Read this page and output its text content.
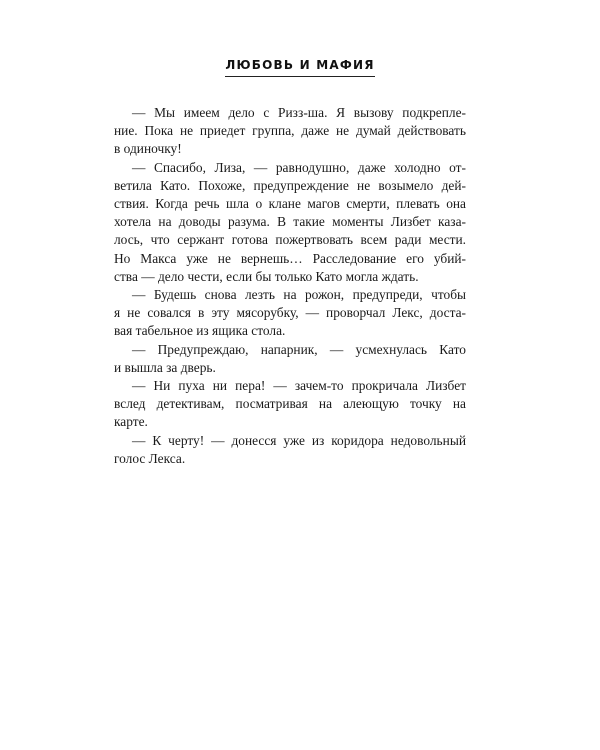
ЛЮБОВЬ И МАФИЯ
— Мы имеем дело с Ризз-ша. Я вызову подкрепле-
ние. Пока не приедет группа, даже не думай действовать
в одиночку!
— Спасибо, Лиза, — равнодушно, даже холодно от-
ветила Като. Похоже, предупреждение не возымело дей-
ствия. Когда речь шла о клане магов смерти, плевать она
хотела на доводы разума. В такие моменты Лизбет каза-
лось, что сержант готова пожертвовать всем ради мести.
Но Макса уже не вернешь… Расследование его убий-
ства — дело чести, если бы только Като могла ждать.
— Будешь снова лезть на рожон, предупреди, чтобы
я не совался в эту мясорубку, — проворчал Лекс, доста-
вая табельное из ящика стола.
— Предупреждаю, напарник, — усмехнулась Като
и вышла за дверь.
— Ни пуха ни пера! — зачем-то прокричала Лизбет
вслед детективам, посматривая на алеющую точку на
карте.
— К черту! — донесся уже из коридора недовольный
голос Лекса.
